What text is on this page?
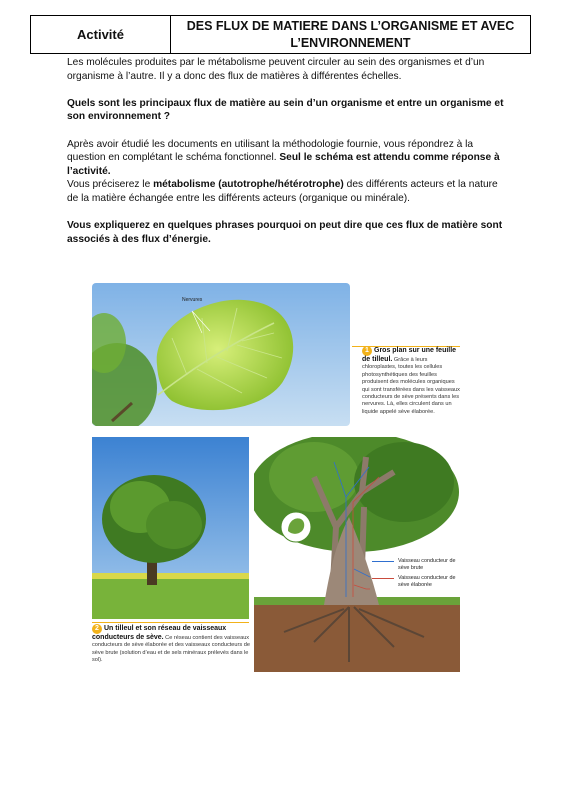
Activité
DES FLUX DE MATIERE DANS L’ORGANISME ET AVEC
L’ENVIRONNEMENT

Les molécules produites par le métabolisme peuvent circuler au sein des organismes et d’un organisme à l’autre. Il y a donc des flux de matières à différentes échelles.

Quels sont les principaux flux de matière au sein d’un organisme et entre un organisme et son environnement ?

Après avoir étudié les documents en utilisant la méthodologie fournie, vous répondrez à la question en complétant le schéma fonctionnel. Seul le schéma est attendu comme réponse à l’activité.

Vous préciserez le métabolisme (autotrophe/hétérotrophe) des différents acteurs et la nature de la matière échangée entre les différents acteurs (organique ou minérale).

Vous expliquerez en quelques phrases pourquoi on peut dire que ces flux de matière sont associés à des flux d’énergie.

Nervures
1 Gros plan sur une feuille de tilleul. Grâce à leurs chloroplastes, toutes les cellules photosynthétiques des feuilles produisent des molécules organiques qui sont transférées dans les vaisseaux conducteurs de sève présents dans les nervures. Là, elles circulent dans un liquide appelé sève élaborée.
Vaisseau conducteur de sève brute
Vaisseau conducteur de sève élaborée
2 Un tilleul et son réseau de vaisseaux conducteurs de sève. Ce réseau contient des vaisseaux conducteurs de sève élaborée et des vaisseaux conducteurs de sève brute (solution d’eau et de sels minéraux prélevés dans le sol).
